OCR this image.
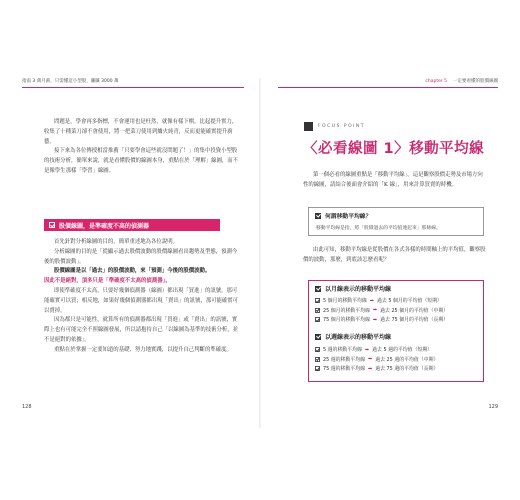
指南 3 萬月薪，只需懂這小型股，賺賺 3000 萬	chapter 5 一定要看懂的股價線圖

問題是，學會再多指標，不會運用也是枉然，就像有樣下棋，比起提升實力，收集了十種菜刀卻不會使用，將一把菜刀使用到爐火純青，反而更能確實提升廚藝。

接下來為各位傳授相當推薦「只要學會這些就沒問題了！」的集中投資小型股的技術分析，簡單來說，就是看懂股價的線圖本身，重點在於「理解」線圖，而不是像學生那樣「學習」線圖。

股價線圖，是準確度不高的偵測器

首先針對分析線圖的目的，簡單重述地為各位說明。

分析線圖的目的是「從顯示過去股價波動的股價線圖看出趨勢及型態，預測今後的股價波動」。

股價線圖是以「過去」的股價波動，來「預測」今後的股價波動。

因此不是絕對，頂多只是「準確度不太高的偵測器」。

即使準確度不太高，只要好幾個偵測器（線圖）都出現「買進」的訊號，那可能確實可以買；相反地，如果好幾個偵測器都出現「賣出」的訊號，那可能確實可以賣掉。

因為都只是可能性，就算所有的偵測器都出現「買進」或「賣出」的訊號，實際上也有可能完全不照線圖發展，所以請抱持自己「以線圖為基準的技術分析，並不是絕對的依據」。

重點在於掌握一定要知道的基礎、努力地實踐，以提升自己判斷的準確度。

128
FOCUS POINT
〈必看線圖 1〉移動平均線

第一個必看的線圖重點是「移動平均線」。這是觀察股價走勢及市場方向性的線圖，請結合後面會介紹的「K 線」，用來計算買賣的時機。

何謂移動平均線？
移動平均線是指，將「股價過去的平均值連起來」那條線。

由此可知，移動平均線是從股價在各式各樣的時間軸上的平均值，觀察股價的波動，那麼，到底該怎麼看呢？

以月線表示的移動平均線
5 個月的移動平均線 ➡ 過去 5 個月的平均值（短期）
25 個月的移動平均線 ➡ 過去 25 個月的平均值（中期）
75 個月的移動平均線 ➡ 過去 75 個月的平均值（長期）
以週線表示的移動平均線
5 週的移動平均線 ➡ 過去 5 週的平均值（短期）
25 週的移動平均線 ➡ 過去 25 週的平均值（中期）
75 週的移動平均線 ➡ 過去 75 週的平均值（長期）
129
